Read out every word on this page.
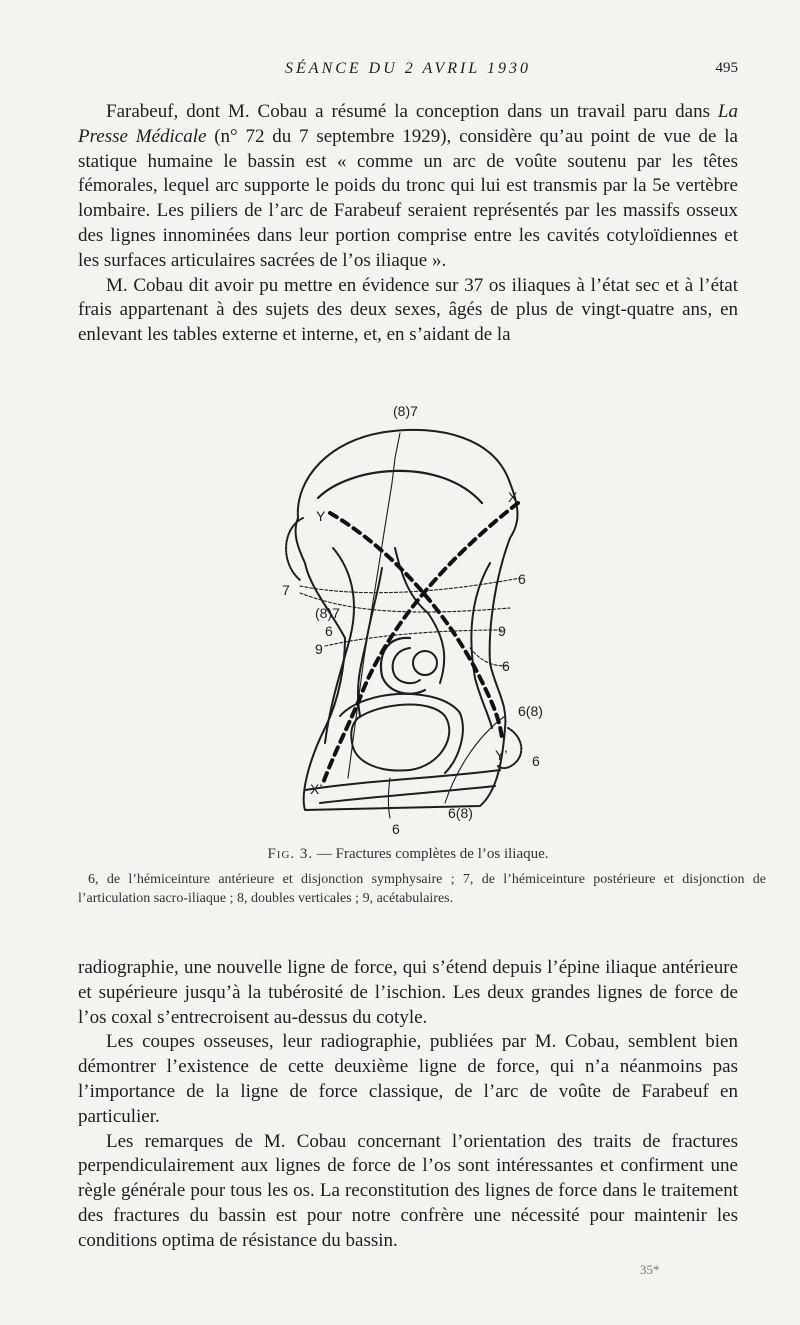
SÉANCE DU 2 AVRIL 1930	495

Farabeuf, dont M. Cobau a résumé la conception dans un travail paru dans La Presse Médicale (n° 72 du 7 septembre 1929), considère qu’au point de vue de la statique humaine le bassin est « comme un arc de voûte soutenu par les têtes fémorales, lequel arc supporte le poids du tronc qui lui est transmis par la 5e vertèbre lombaire. Les piliers de l’arc de Farabeuf seraient représentés par les massifs osseux des lignes innominées dans leur portion comprise entre les cavités cotyloïdiennes et les surfaces articulaires sacrées de l’os iliaque ».

M. Cobau dit avoir pu mettre en évidence sur 37 os iliaques à l’état sec et à l’état frais appartenant à des sujets des deux sexes, âgés de plus de vingt-quatre ans, en enlevant les tables externe et interne, et, en s’aidant de la

(8)7
Y
X
7
6
(8)7
6	9
9
6
6(8)
Y’ 6
X’
6(8)
6
Fig. 3. — Fractures complètes de l’os iliaque.
6, de l’hémiceinture antérieure et disjonction symphysaire ; 7, de l’hémiceinture postérieure et disjonction de l’articulation sacro-iliaque ; 8, doubles verticales ; 9, acétabulaires.

radiographie, une nouvelle ligne de force, qui s’étend depuis l’épine iliaque antérieure et supérieure jusqu’à la tubérosité de l’ischion. Les deux grandes lignes de force de l’os coxal s’entrecroisent au-dessus du cotyle.

Les coupes osseuses, leur radiographie, publiées par M. Cobau, semblent bien démontrer l’existence de cette deuxième ligne de force, qui n’a néanmoins pas l’importance de la ligne de force classique, de l’arc de voûte de Farabeuf en particulier.

Les remarques de M. Cobau concernant l’orientation des traits de fractures perpendiculairement aux lignes de force de l’os sont intéressantes et confirment une règle générale pour tous les os. La reconstitution des lignes de force dans le traitement des fractures du bassin est pour notre confrère une nécessité pour maintenir les conditions optima de résistance du bassin.

35*
